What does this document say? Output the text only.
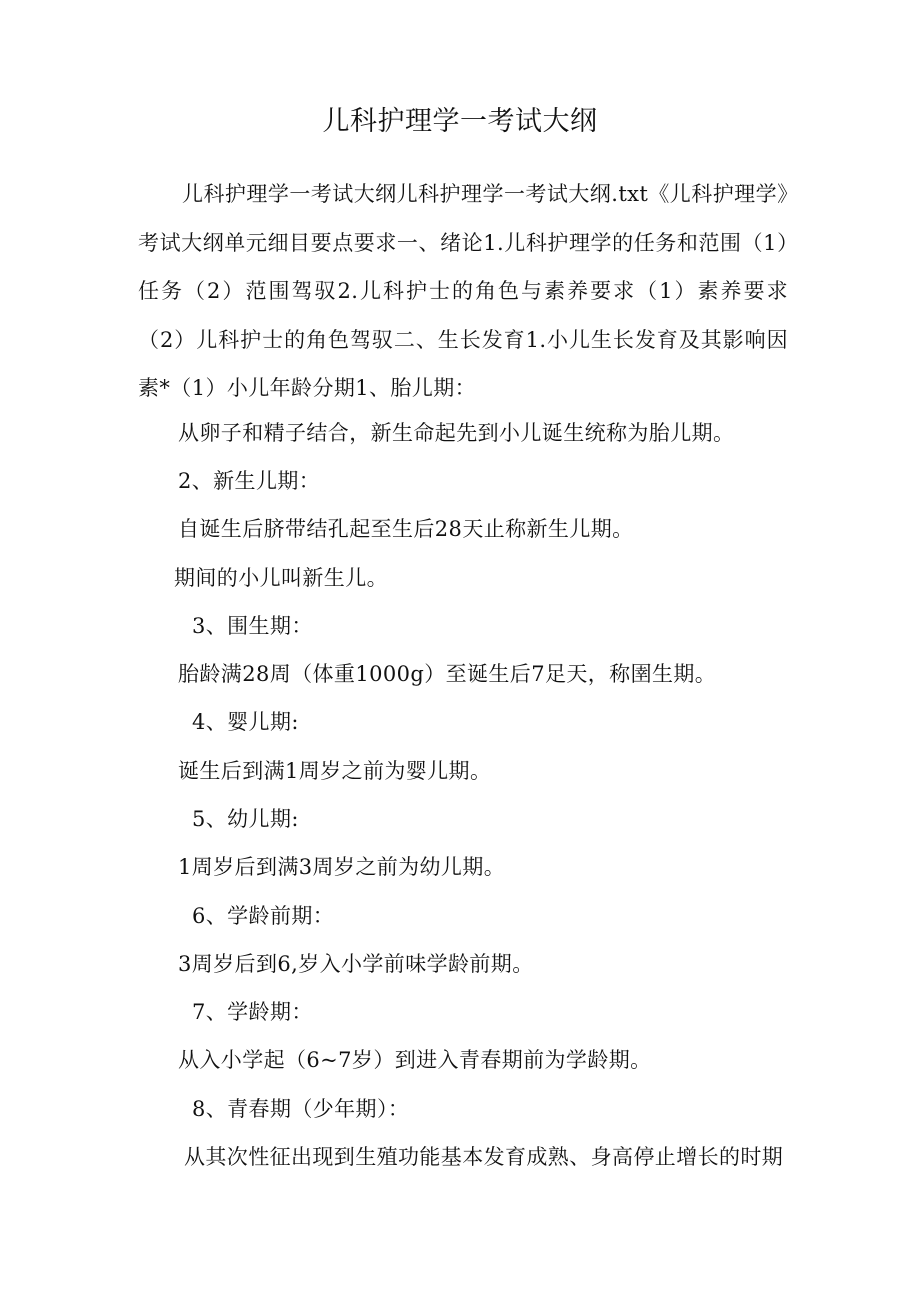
儿科护理学一考试大纲
儿科护理学一考试大纲儿科护理学一考试大纲.txt《儿科护理学》考试大纲单元细目要点要求一、绪论1.儿科护理学的任务和范围（1）任务（2）范围驾驭2.儿科护士的角色与素养要求（1）素养要求（2）儿科护士的角色驾驭二、生长发育1.小儿生长发育及其影响因素*（1）小儿年龄分期1、胎儿期：
从卵子和精子结合，新生命起先到小儿诞生统称为胎儿期。
2、新生儿期：
自诞生后脐带结孔起至生后28天止称新生儿期。
期间的小儿叫新生儿。
3、围生期：
胎龄满28周（体重1000g）至诞生后7足天，称圉生期。
4、婴儿期:
诞生后到满1周岁之前为婴儿期。
5、幼儿期:
1周岁后到满3周岁之前为幼儿期。
6、学龄前期：
3周岁后到6,岁入小学前味学龄前期。
7、学龄期：
从入小学起（6~7岁）到进入青春期前为学龄期。
8、青春期（少年期）：
从其次性征出现到生殖功能基本发育成熟、身高停止增长的时期
